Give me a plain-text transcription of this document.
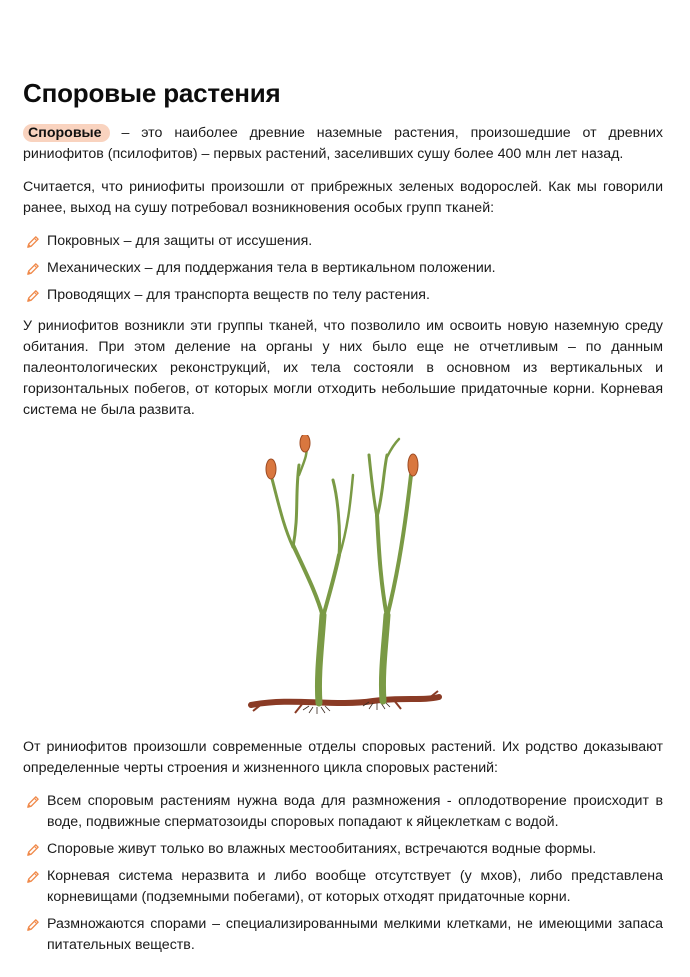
Споровые растения

Споровые – это наиболее древние наземные растения, произошедшие от древних риниофитов (псилофитов) – первых растений, заселивших сушу более 400 млн лет назад.

Считается, что риниофиты произошли от прибрежных зеленых водорослей. Как мы говорили ранее, выход на сушу потребовал возникновения особых групп тканей:

Покровных – для защиты от иссушения.
Механических – для поддержания тела в вертикальном положении.
Проводящих – для транспорта веществ по телу растения.

У риниофитов возникли эти группы тканей, что позволило им освоить новую наземную среду обитания. При этом деление на органы у них было еще не отчетливым – по данным палеонтологических реконструкций, их тела состояли в основном из вертикальных и горизонтальных побегов, от которых могли отходить небольшие придаточные корни. Корневая система не была развита.

От риниофитов произошли современные отделы споровых растений. Их родство доказывают определенные черты строения и жизненного цикла споровых растений:

Всем споровым растениям нужна вода для размножения - оплодотворение происходит в воде, подвижные сперматозоиды споровых попадают к яйцеклеткам с водой.
Споровые живут только во влажных местообитаниях, встречаются водные формы.
Корневая система неразвита и либо вообще отсутствует (у мхов), либо представлена корневищами (подземными побегами), от которых отходят придаточные корни.
Размножаются спорами – специализированными мелкими клетками, не имеющими запаса питательных веществ.
